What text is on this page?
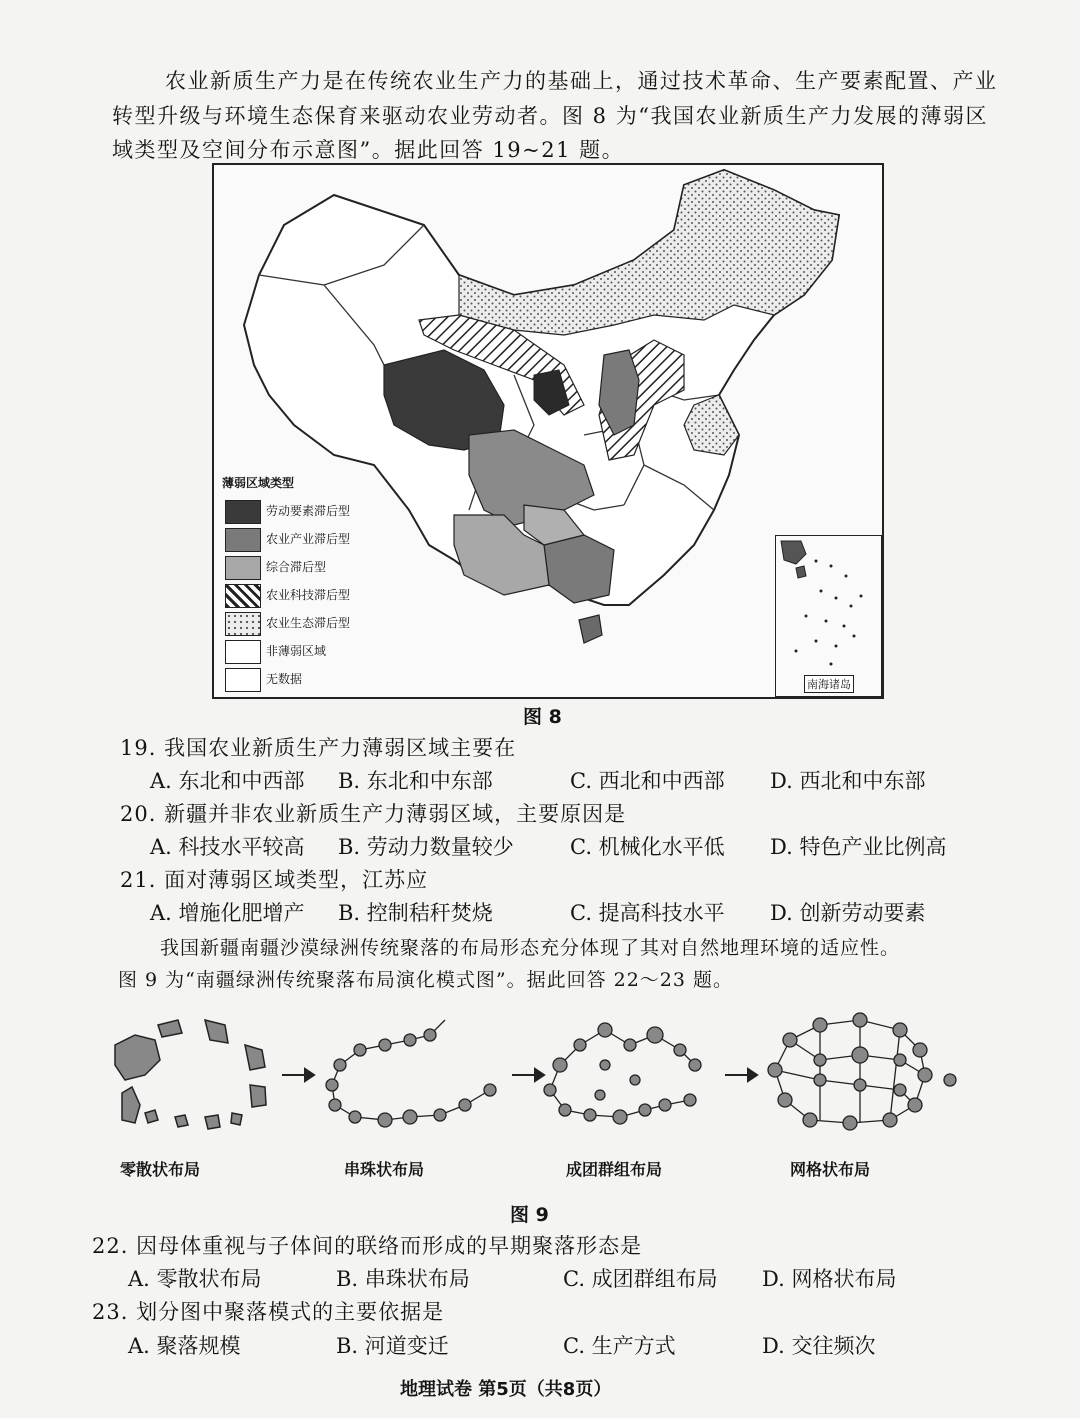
农业新质生产力是在传统农业生产力的基础上，通过技术革命、生产要素配置、产业
转型升级与环境生态保育来驱动农业劳动者。图 8 为“我国农业新质生产力发展的薄弱区
域类型及空间分布示意图”。据此回答 19~21 题。
薄弱区域类型
劳动要素滞后型
农业产业滞后型
综合滞后型
农业科技滞后型
农业生态滞后型
非薄弱区域
无数据	南海诸岛
图 8
19. 我国农业新质生产力薄弱区域主要在
A. 东北和中西部 B. 东北和中东部	C. 西北和中西部 D. 西北和中东部
20. 新疆并非农业新质生产力薄弱区域，主要原因是
A. 科技水平较高 B. 劳动力数量较少	C. 机械化水平低 D. 特色产业比例高
21. 面对薄弱区域类型，江苏应
A. 增施化肥增产 B. 控制秸秆焚烧	C. 提高科技水平 D. 创新劳动要素
我国新疆南疆沙漠绿洲传统聚落的布局形态充分体现了其对自然地理环境的适应性。
图 9 为“南疆绿洲传统聚落布局演化模式图”。据此回答 22～23 题。
零散状布局	串珠状布局	成团群组布局	网格状布局
图 9
22. 因母体重视与子体间的联络而形成的早期聚落形态是
A. 零散状布局	B. 串珠状布局	C. 成团群组布局 D. 网格状布局
23. 划分图中聚落模式的主要依据是
A. 聚落规模	B. 河道变迁	C. 生产方式	D. 交往频次
地理试卷 第5页（共8页）
